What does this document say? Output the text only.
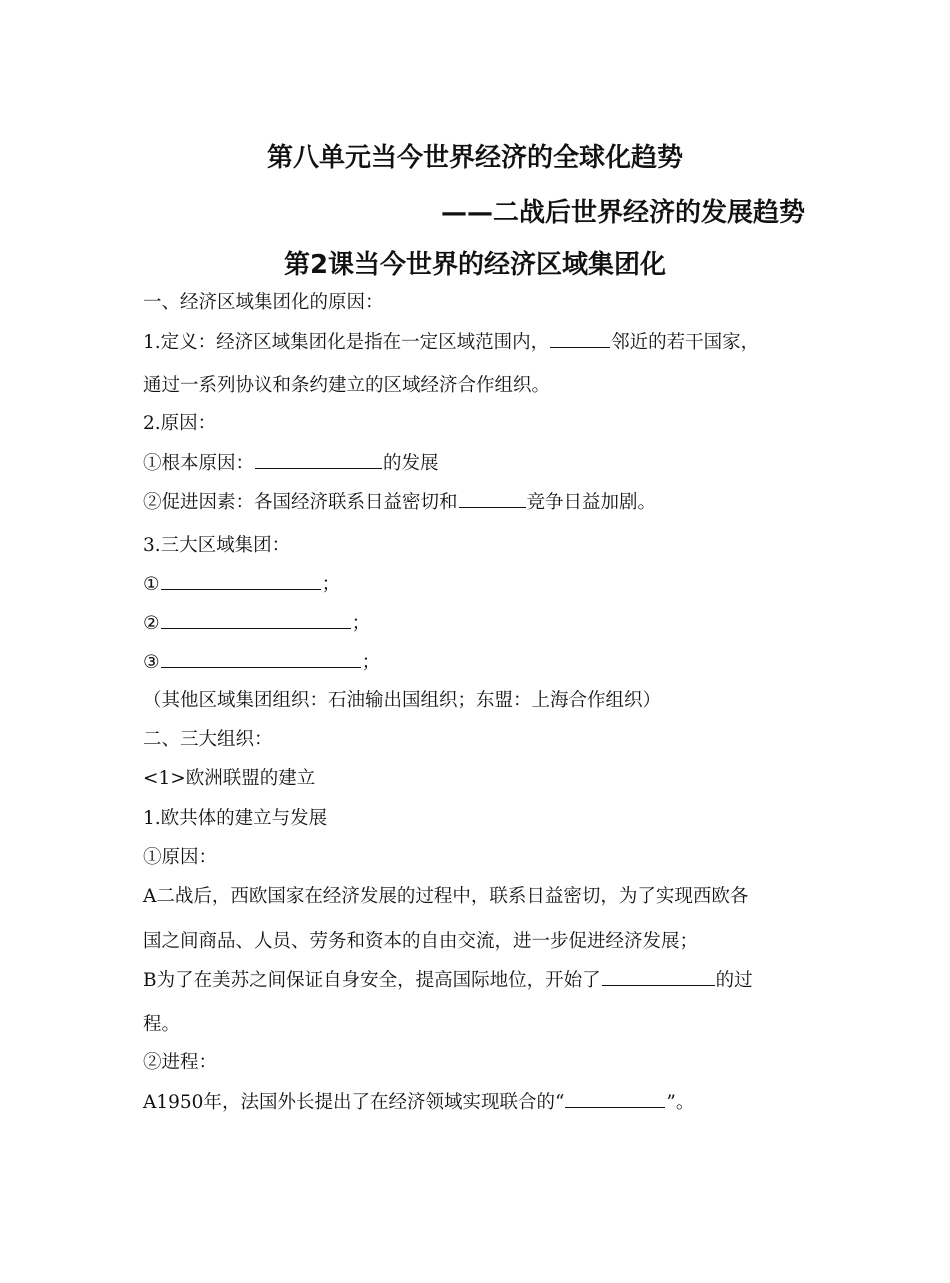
第八单元当今世界经济的全球化趋势
——二战后世界经济的发展趋势
第2课当今世界的经济区域集团化
一、经济区域集团化的原因：
1.定义：经济区域集团化是指在一定区域范围内，	邻近的若干国家，
通过一系列协议和条约建立的区域经济合作组织。
2.原因：
①根本原因：	的发展
②促进因素：各国经济联系日益密切和	竞争日益加剧。
3.三大区域集团：
①	；
②	；
③	；
（其他区域集团组织：石油输出国组织；东盟：上海合作组织）
二、三大组织：
<1>欧洲联盟的建立
1.欧共体的建立与发展
①原因：
A二战后，西欧国家在经济发展的过程中，联系日益密切，为了实现西欧各
国之间商品、人员、劳务和资本的自由交流，进一步促进经济发展；
B为了在美苏之间保证自身安全，提高国际地位，开始了	的过
程。
②进程：
A1950年，法国外长提出了在经济领域实现联合的“	”。
